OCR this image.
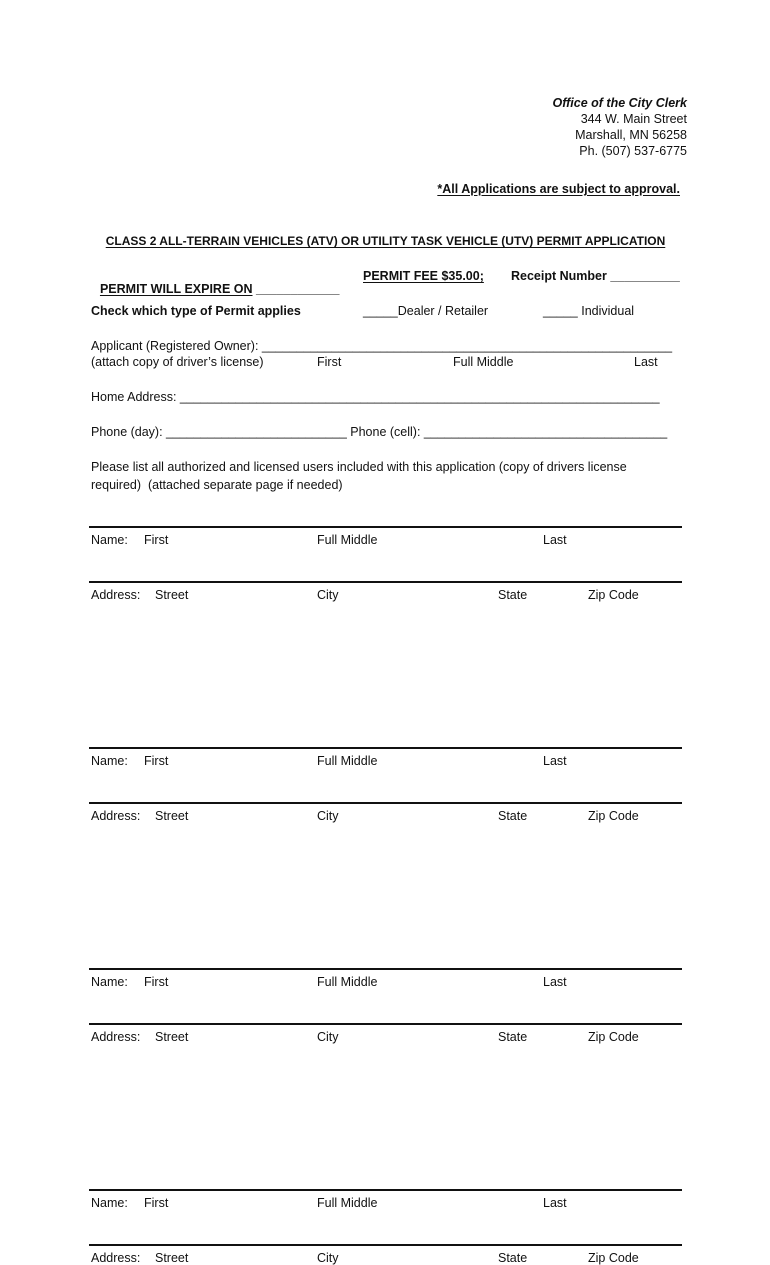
Office of the City Clerk
344 W. Main Street
Marshall, MN 56258
Ph. (507) 537-6775
*All Applications are subject to approval.
CLASS 2 ALL-TERRAIN VEHICLES (ATV) OR UTILITY TASK VEHICLE (UTV) PERMIT APPLICATION

PERMIT WILL EXPIRE ON ____________

PERMIT FEE $35.00; Receipt Number __________
Check which type of Permit applies	_____Dealer / Retailer	_____ Individual
Applicant (Registered Owner): ___________________________________________________________
(attach copy of driver’s license)	First	Full Middle	Last
Home Address: _____________________________________________________________________
Phone (day): __________________________ Phone (cell): ___________________________________
Please list all authorized and licensed users included with this application (copy of drivers license
required)  (attached separate page if needed)
Name: First	Full Middle	Last
Address: Street	City	State	Zip Code
Name: First	Full Middle	Last
Address: Street	City	State	Zip Code
Name: First	Full Middle	Last
Address: Street	City	State	Zip Code
Name: First	Full Middle	Last
Address: Street	City	State	Zip Code
